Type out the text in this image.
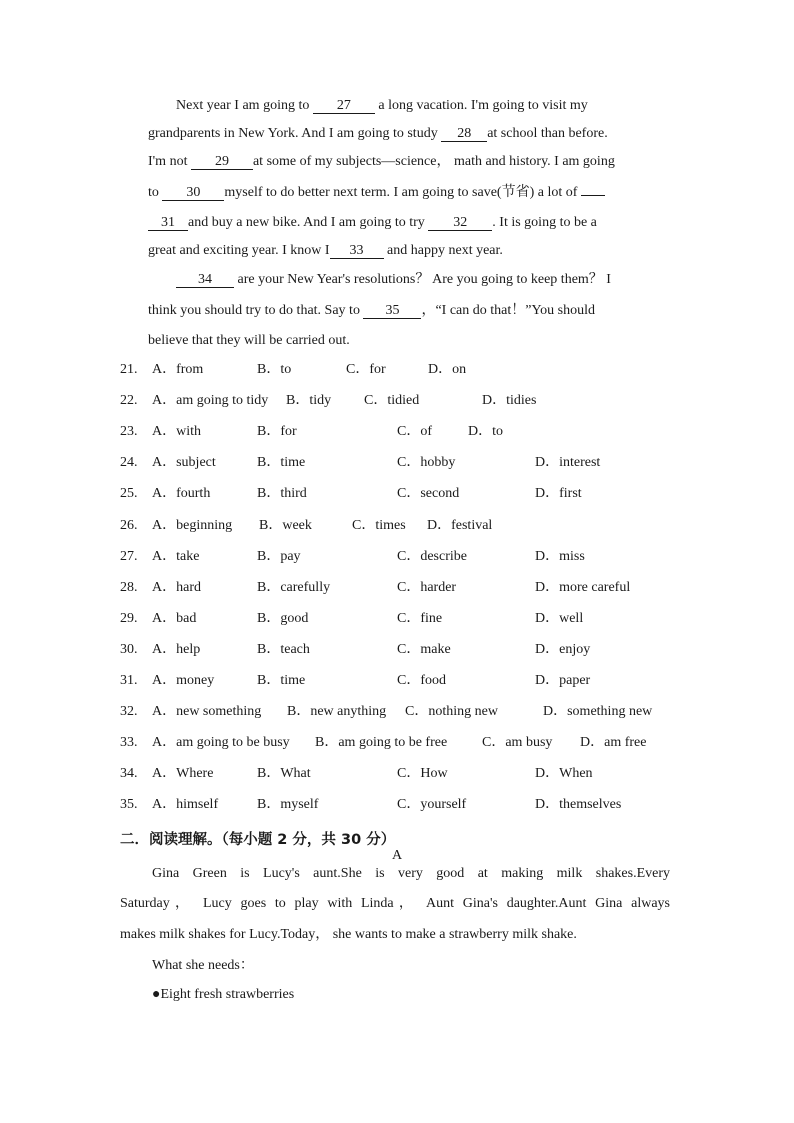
Next year I am going to 27 a long vacation. I'm going to visit my
grandparents in New York. And I am going to study 28 at school than before.
I'm not 29 at some of my subjects—science， math and history. I am going
to 30 myself to do better next term. I am going to save(节省) a lot of
31 and buy a new bike. And I am going to try 32 . It is going to be a
great and exciting year. I know I 33 and happy next year.
34 are your New Year's resolutions？ Are you going to keep them？ I
think you should try to do that. Say to 35 ，“I can do that！”You should
believe that they will be carried out.
21. A．from	B．to	C．for	D．on
22. A．am going to tidy B．tidy C．tidied	D．tidies
23. A．with	B．for	C．of	D．to
24. A．subject	B．time	C．hobby	D．interest
25. A．fourth	B．third	C．second	D．first
26. A．beginning B．week	C．times D．festival
27. A．take	B．pay	C．describe	D．miss
28. A．hard	B．carefully	C．harder	D．more careful
29. A．bad	B．good	C．fine	D．well
30. A．help	B．teach	C．make	D．enjoy
31. A．money	B．time	C．food	D．paper
32. A．new something B．new anything C．nothing new	D．something new
33. A．am going to be busy B．am going to be free C．am busy D．am free
34. A．Where	B．What	C．How	D．When
35. A．himself	B．myself	C．yourself	D．themselves
二．阅读理解。（每小题 2 分，共 30 分）
A
Gina Green is Lucy's aunt.She is very good at making milk shakes.Every
Saturday， Lucy goes to play with Linda， Aunt Gina's daughter.Aunt Gina always
makes milk shakes for Lucy.Today， she wants to make a strawberry milk shake.
What she needs：
●Eight fresh strawberries
